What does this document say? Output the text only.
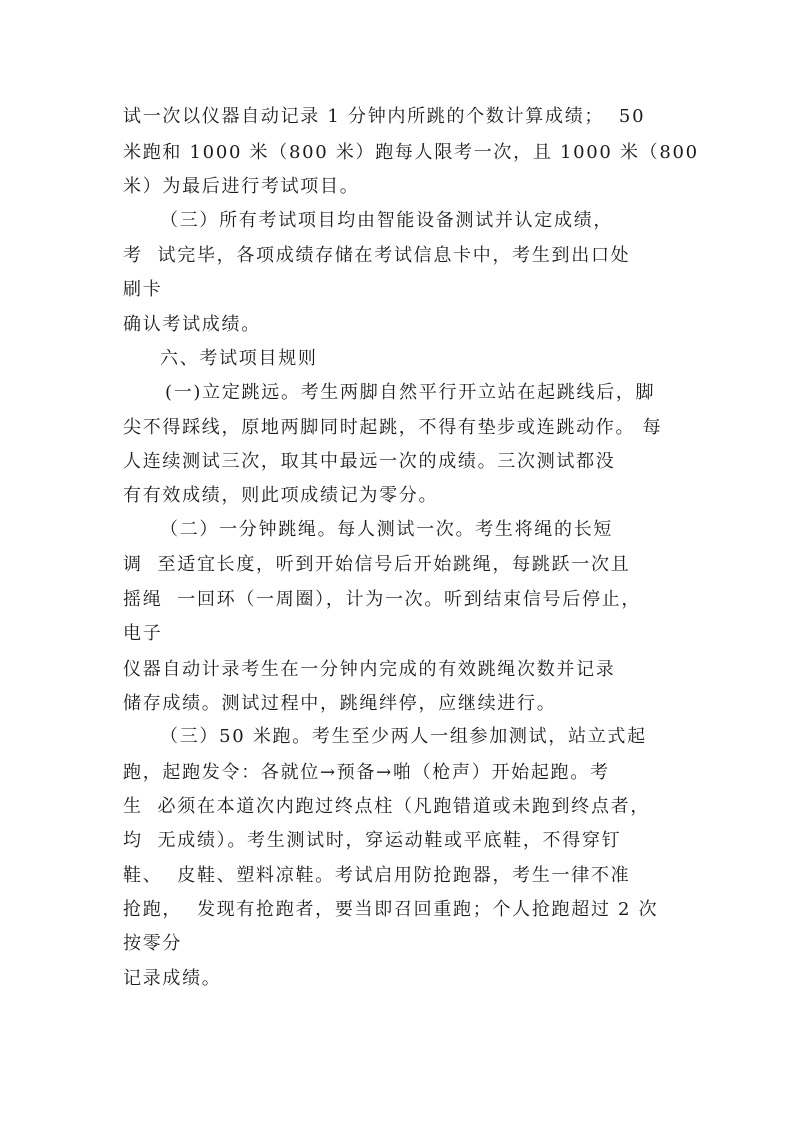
试一次以仪器自动记录 1 分钟内所跳的个数计算成绩；  50
米跑和 1000 米（800 米）跑每人限考一次，且 1000 米（800
米）为最后进行考试项目。
（三）所有考试项目均由智能设备测试并认定成绩，
考  试完毕，各项成绩存储在考试信息卡中，考生到出口处
刷卡
确认考试成绩。
六、考试项目规则
(一)立定跳远。考生两脚自然平行开立站在起跳线后，脚
尖不得踩线，原地两脚同时起跳，不得有垫步或连跳动作。 每
人连续测试三次，取其中最远一次的成绩。三次测试都没
有有效成绩，则此项成绩记为零分。
（二）一分钟跳绳。每人测试一次。考生将绳的长短
调  至适宜长度，听到开始信号后开始跳绳，每跳跃一次且
摇绳  一回环（一周圈），计为一次。听到结束信号后停止，
电子
仪器自动计录考生在一分钟内完成的有效跳绳次数并记录
储存成绩。测试过程中，跳绳绊停，应继续进行。
（三）50 米跑。考生至少两人一组参加测试，站立式起
跑，起跑发令：各就位→预备→啪（枪声）开始起跑。考
生  必须在本道次内跑过终点柱（凡跑错道或未跑到终点者，
均  无成绩）。考生测试时，穿运动鞋或平底鞋，不得穿钉
鞋、  皮鞋、塑料凉鞋。考试启用防抢跑器，考生一律不准
抢跑，  发现有抢跑者，要当即召回重跑；个人抢跑超过 2 次
按零分
记录成绩。
